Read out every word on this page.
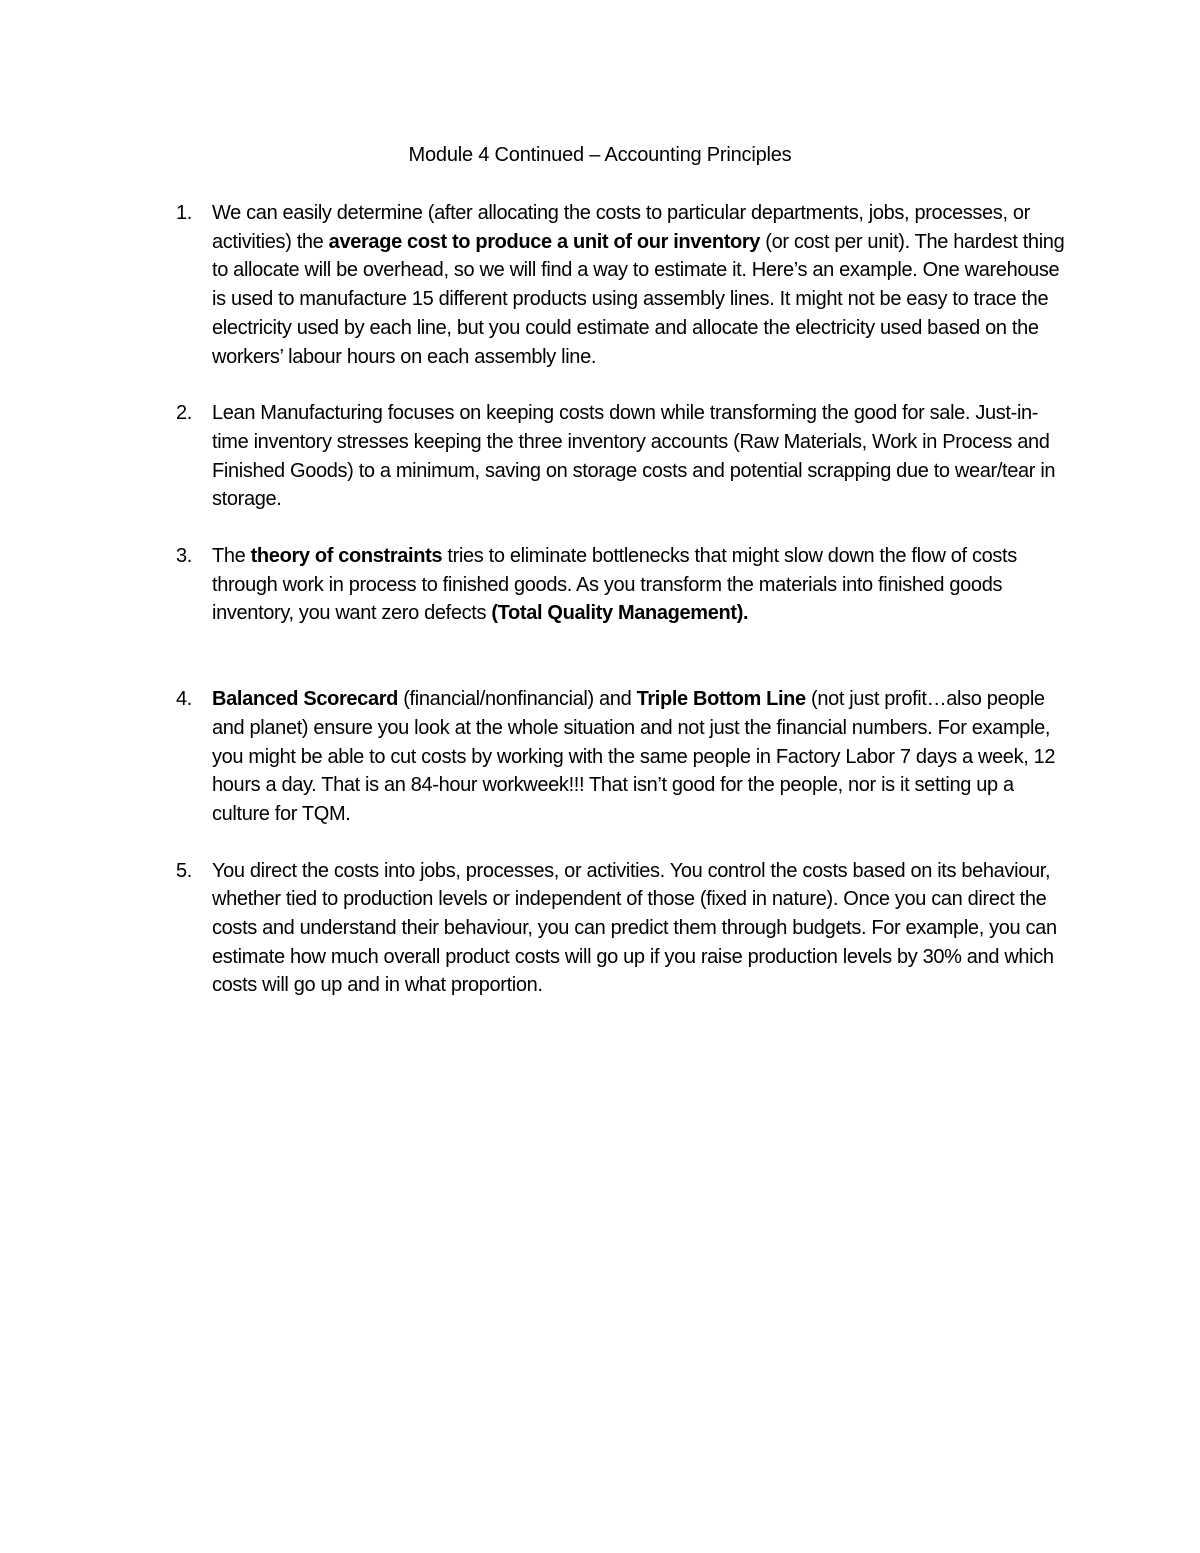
Module 4 Continued – Accounting Principles
1. We can easily determine (after allocating the costs to particular departments, jobs, processes, or activities) the average cost to produce a unit of our inventory (or cost per unit). The hardest thing to allocate will be overhead, so we will find a way to estimate it. Here’s an example. One warehouse is used to manufacture 15 different products using assembly lines. It might not be easy to trace the electricity used by each line, but you could estimate and allocate the electricity used based on the workers’ labour hours on each assembly line.

2. Lean Manufacturing focuses on keeping costs down while transforming the good for sale. Just-in-time inventory stresses keeping the three inventory accounts (Raw Materials, Work in Process and Finished Goods) to a minimum, saving on storage costs and potential scrapping due to wear/tear in storage.

3. The theory of constraints tries to eliminate bottlenecks that might slow down the flow of costs through work in process to finished goods. As you transform the materials into finished goods inventory, you want zero defects (Total Quality Management).

4. Balanced Scorecard (financial/nonfinancial) and Triple Bottom Line (not just profit…also people and planet) ensure you look at the whole situation and not just the financial numbers. For example, you might be able to cut costs by working with the same people in Factory Labor 7 days a week, 12 hours a day. That is an 84-hour workweek!!! That isn’t good for the people, nor is it setting up a culture for TQM.

5. You direct the costs into jobs, processes, or activities. You control the costs based on its behaviour, whether tied to production levels or independent of those (fixed in nature). Once you can direct the costs and understand their behaviour, you can predict them through budgets. For example, you can estimate how much overall product costs will go up if you raise production levels by 30% and which costs will go up and in what proportion.
